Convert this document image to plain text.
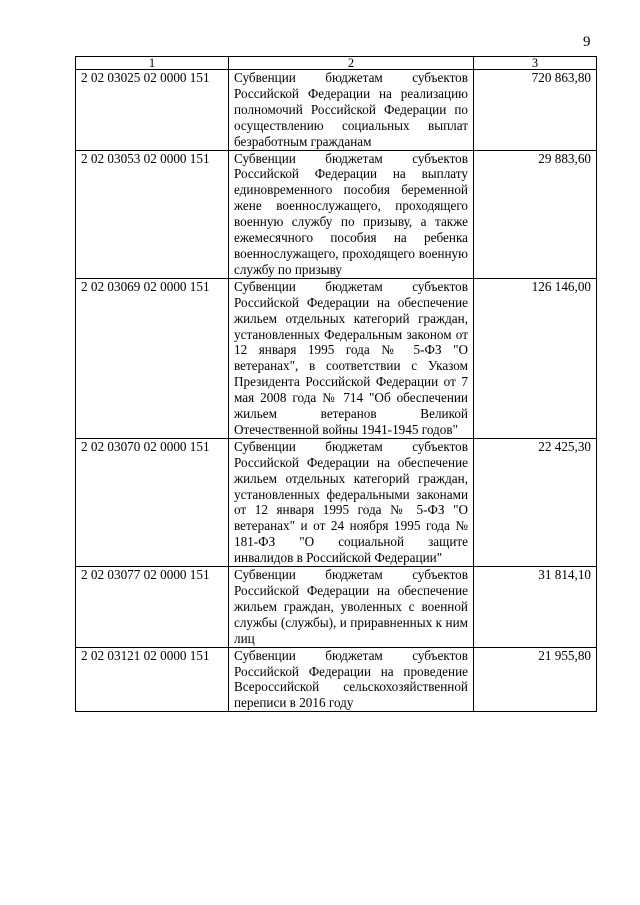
9
1	2	3
2 02 03025 02 0000 151	Субвенции бюджетам субъектов Российской Федерации на реализацию полномочий Российской Федерации по осуществлению социальных выплат безработным гражданам	720 863,80
2 02 03053 02 0000 151	Субвенции бюджетам субъектов Российской Федерации на выплату единовременного пособия беременной жене военнослужащего, проходящего военную службу по призыву, а также ежемесячного пособия на ребенка военнослужащего, проходящего военную службу по призыву	29 883,60
2 02 03069 02 0000 151	Субвенции бюджетам субъектов Российской Федерации на обеспечение жильем отдельных категорий граждан, установленных Федеральным законом от 12 января 1995 года № 5-ФЗ "О ветеранах", в соответствии с Указом Президента Российской Федерации от 7 мая 2008 года № 714 "Об обеспечении жильем ветеранов Великой Отечественной войны 1941-1945 годов"	126 146,00
2 02 03070 02 0000 151	Субвенции бюджетам субъектов Российской Федерации на обеспечение жильем отдельных категорий граждан, установленных федеральными законами от 12 января 1995 года № 5-ФЗ "О ветеранах" и от 24 ноября 1995 года № 181-ФЗ "О социальной защите инвалидов в Российской Федерации"	22 425,30
2 02 03077 02 0000 151	Субвенции бюджетам субъектов Российской Федерации на обеспечение жильем граждан, уволенных с военной службы (службы), и приравненных к ним лиц	31 814,10
2 02 03121 02 0000 151	Субвенции бюджетам субъектов Российской Федерации на проведение Всероссийской сельскохозяйственной переписи в 2016 году	21 955,80
